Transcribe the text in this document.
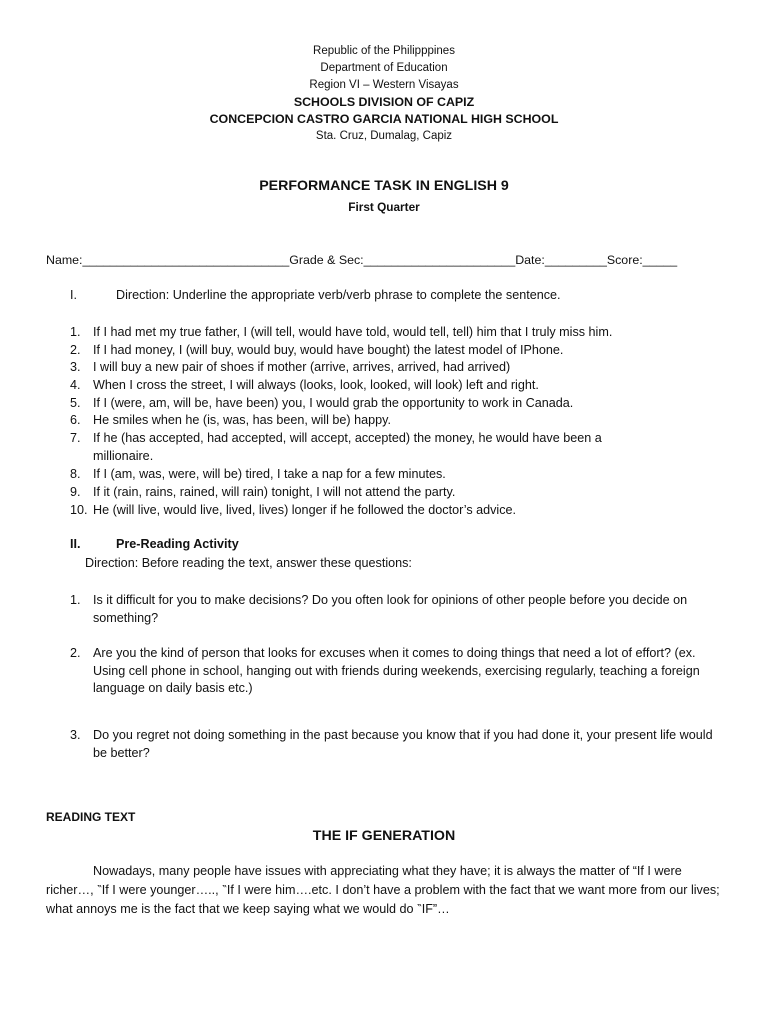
Republic of the Philipppines
Department of Education
Region VI – Western Visayas
SCHOOLS DIVISION OF CAPIZ
CONCEPCION CASTRO GARCIA NATIONAL HIGH SCHOOL
Sta. Cruz, Dumalag, Capiz
PERFORMANCE TASK IN ENGLISH 9
First Quarter
Name:______________________________Grade & Sec:______________________Date:_________Score:_____
I.	Direction: Underline the appropriate verb/verb phrase to complete the sentence.
1. If I had met my true father, I (will tell, would have told, would tell, tell) him that I truly miss him.
2. If I had money, I (will buy, would buy, would have bought) the latest model of IPhone.
3. I will buy a new pair of shoes if mother (arrive, arrives, arrived, had arrived)
4. When I cross the street, I will always (looks, look, looked, will look) left and right.
5. If I (were, am, will be, have been) you, I would grab the opportunity to work in Canada.
6. He smiles when he (is, was, has been, will be) happy.
7. If he (has accepted, had accepted, will accept, accepted) the money, he would have been a
millionaire.
8. If I (am, was, were, will be) tired, I take a nap for a few minutes.
9. If it (rain, rains, rained, will rain) tonight, I will not attend the party.
10. He (will live, would live, lived, lives) longer if he followed the doctor’s advice.
II.	Pre-Reading Activity
Direction: Before reading the text, answer these questions:
1. Is it difficult for you to make decisions? Do you often look for opinions of other people before you decide on something?
2. Are you the kind of person that looks for excuses when it comes to doing things that need a lot of effort? (ex. Using cell phone in school, hanging out with friends during weekends, exercising regularly, teaching a foreign language on daily basis etc.)
3. Do you regret not doing something in the past because you know that if you had done it, your present life would be better?
READING TEXT
THE IF GENERATION
Nowadays, many people have issues with appreciating what they have; it is always the matter of “If I were richer…, ‶If I were younger….., ‶If I were him….etc. I don’t have a problem with the fact that we want more from our lives; what annoys me is the fact that we keep saying what we would do ‶IF”…
